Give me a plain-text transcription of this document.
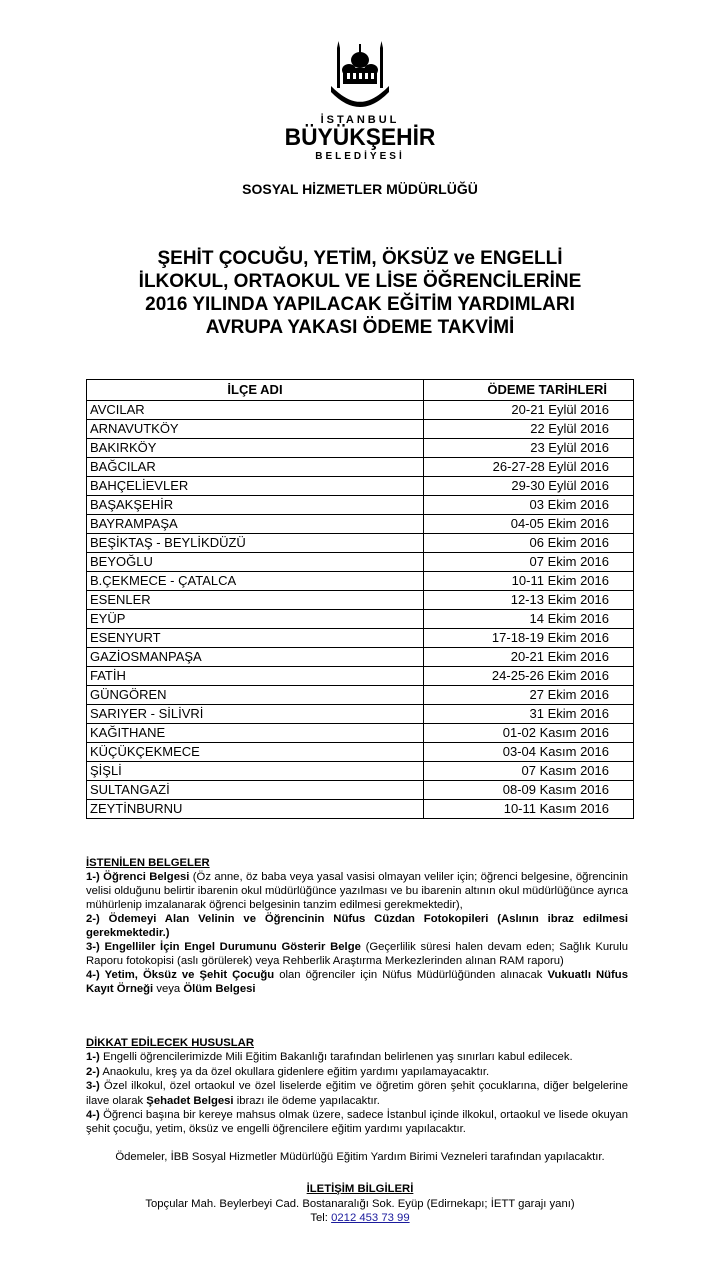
İSTANBUL
BÜYÜKŞEHİR
BELEDİYESİ
SOSYAL HİZMETLER MÜDÜRLÜĞÜ
ŞEHİT ÇOCUĞU, YETİM, ÖKSÜZ ve ENGELLİ
İLKOKUL, ORTAOKUL VE LİSE ÖĞRENCİLERİNE
2016 YILINDA YAPILACAK EĞİTİM YARDIMLARI
AVRUPA YAKASI ÖDEME TAKVİMİ
İLÇE ADI	ÖDEME TARİHLERİ
AVCILAR	20-21 Eylül 2016
ARNAVUTKÖY	22 Eylül 2016
BAKIRKÖY	23 Eylül 2016
BAĞCILAR	26-27-28 Eylül 2016
BAHÇELİEVLER	29-30 Eylül 2016
BAŞAKŞEHİR	03 Ekim 2016
BAYRAMPAŞA	04-05 Ekim 2016
BEŞİKTAŞ - BEYLİKDÜZÜ	06 Ekim 2016
BEYOĞLU	07 Ekim 2016
B.ÇEKMECE - ÇATALCA	10-11 Ekim 2016
ESENLER	12-13 Ekim 2016
EYÜP	14 Ekim 2016
ESENYURT	17-18-19 Ekim 2016
GAZİOSMANPAŞA	20-21 Ekim 2016
FATİH	24-25-26 Ekim 2016
GÜNGÖREN	27 Ekim 2016
SARIYER - SİLİVRİ	31 Ekim 2016
KAĞITHANE	01-02 Kasım 2016
KÜÇÜKÇEKMECE	03-04 Kasım 2016
ŞİŞLİ	07 Kasım 2016
SULTANGAZİ	08-09 Kasım 2016
ZEYTİNBURNU	10-11 Kasım 2016
İSTENİLEN BELGELER

1-) Öğrenci Belgesi (Öz anne, öz baba veya yasal vasisi olmayan veliler için; öğrenci belgesine, öğrencinin velisi olduğunu belirtir ibarenin okul müdürlüğünce yazılması ve bu ibarenin altının okul müdürlüğünce ayrıca mühürlenip imzalanarak öğrenci belgesinin tanzim edilmesi gerekmektedir),

2-) Ödemeyi Alan Velinin ve Öğrencinin Nüfus Cüzdan Fotokopileri (Aslının ibraz edilmesi gerekmektedir.)

3-) Engelliler İçin Engel Durumunu Gösterir Belge (Geçerlilik süresi halen devam eden; Sağlık Kurulu Raporu fotokopisi (aslı görülerek) veya Rehberlik Araştırma Merkezlerinden alınan RAM raporu)

4-) Yetim, Öksüz ve Şehit Çocuğu olan öğrenciler için Nüfus Müdürlüğünden alınacak Vukuatlı Nüfus Kayıt Örneği veya Ölüm Belgesi

DİKKAT EDİLECEK HUSUSLAR

1-) Engelli öğrencilerimizde Mili Eğitim Bakanlığı tarafından belirlenen yaş sınırları kabul edilecek.

2-) Anaokulu, kreş ya da özel okullara gidenlere eğitim yardımı yapılamayacaktır.

3-) Özel ilkokul, özel ortaokul ve özel liselerde eğitim ve öğretim gören şehit çocuklarına, diğer belgelerine ilave olarak Şehadet Belgesi ibrazı ile ödeme yapılacaktır.

4-) Öğrenci başına bir kereye mahsus olmak üzere, sadece İstanbul içinde ilkokul, ortaokul ve lisede okuyan şehit çocuğu, yetim, öksüz ve engelli öğrencilere eğitim yardımı yapılacaktır.

Ödemeler, İBB Sosyal Hizmetler Müdürlüğü Eğitim Yardım Birimi Vezneleri tarafından yapılacaktır.
İLETİŞİM BİLGİLERİ
Topçular Mah. Beylerbeyi Cad. Bostanaralığı Sok. Eyüp (Edirnekapı; İETT garajı yanı)
Tel: 0212 453 73 99
